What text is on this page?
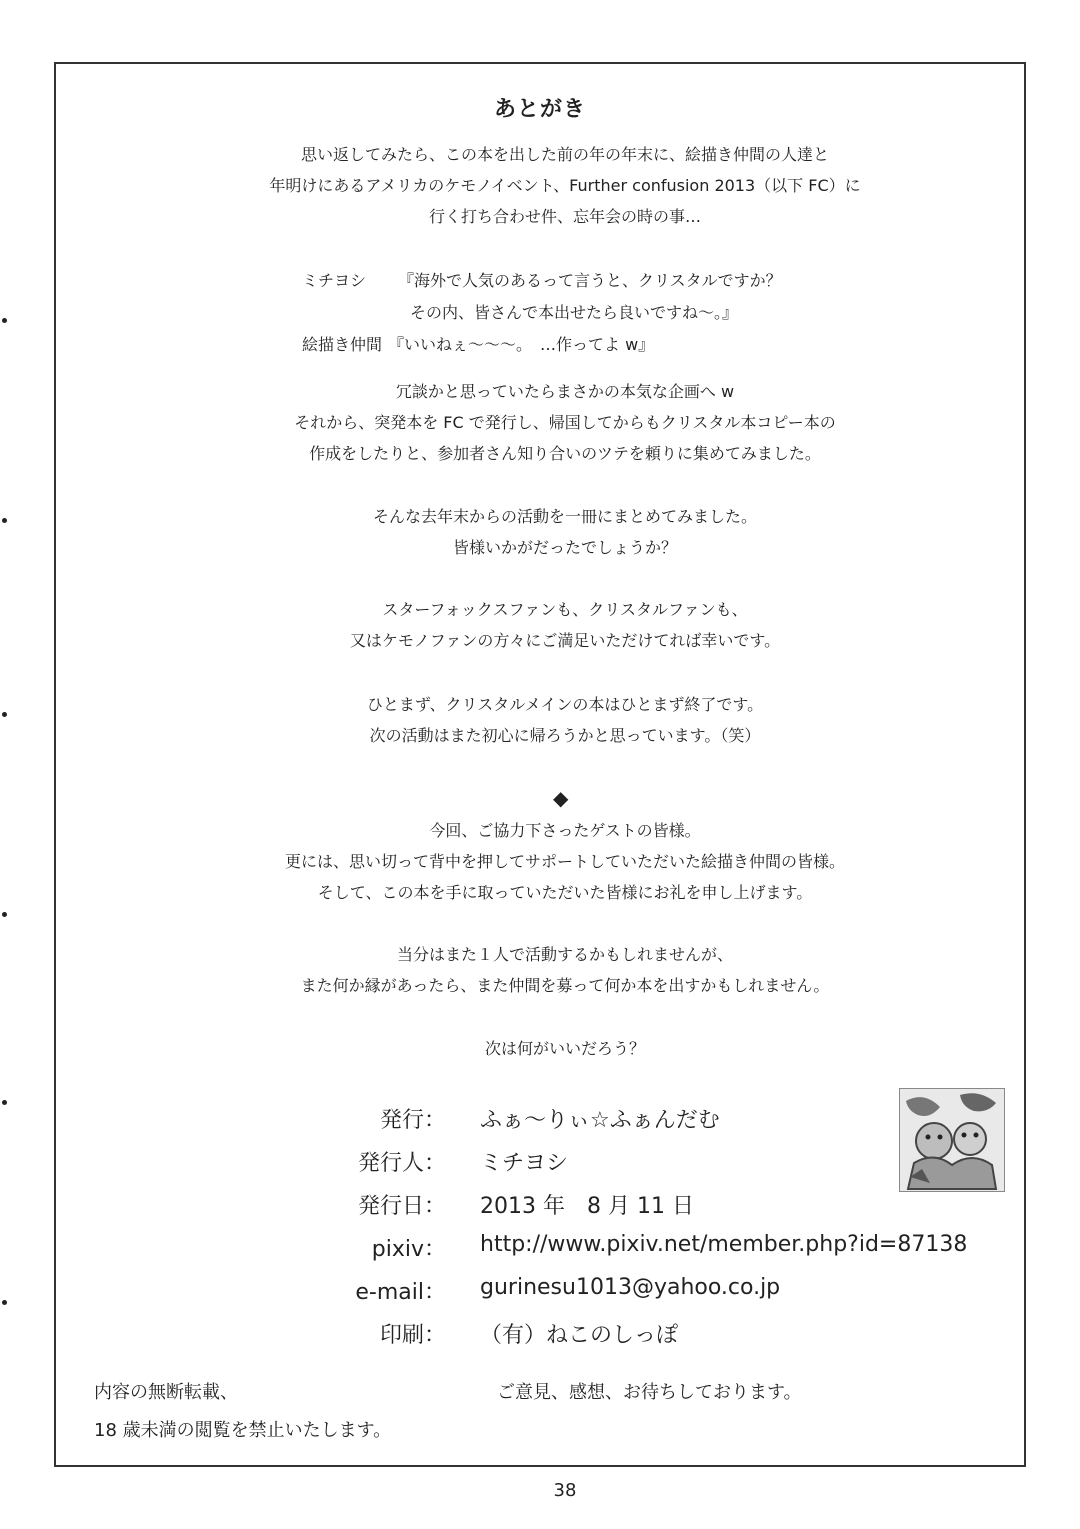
あとがき

思い返してみたら、この本を出した前の年の年末に、絵描き仲間の人達と
年明けにあるアメリカのケモノイベント、Further confusion 2013（以下 FC）に
行く打ち合わせ件、忘年会の時の事…

ミチヨシ 『海外で人気のあるって言うと、クリスタルですか？
その内、皆さんで本出せたら良いですね〜。』
絵描き仲間 『いいねぇ〜〜〜。　…作ってよ w』

冗談かと思っていたらまさかの本気な企画へ w
それから、突発本を FC で発行し、帰国してからもクリスタル本コピー本の
作成をしたりと、参加者さん知り合いのツテを頼りに集めてみました。

そんな去年末からの活動を一冊にまとめてみました。
皆様いかがだったでしょうか？

スターフォックスファンも、クリスタルファンも、
又はケモノファンの方々にご満足いただけてれば幸いです。

ひとまず、クリスタルメインの本はひとまず終了です。
次の活動はまた初心に帰ろうかと思っています。（笑）

◆

今回、ご協力下さったゲストの皆様。
更には、思い切って背中を押してサポートしていただいた絵描き仲間の皆様。
そして、この本を手に取っていただいた皆様にお礼を申し上げます。

当分はまた１人で活動するかもしれませんが、
また何か縁があったら、また仲間を募って何か本を出すかもしれません。

次は何がいいだろう？

発行： ふぁ〜りぃ☆ふぁんだむ
発行人： ミチヨシ
発行日： 2013 年　8 月 11 日
pixiv： http://www.pixiv.net/member.php?id=87138
e-mail： gurinesu1013@yahoo.co.jp
印刷： （有）ねこのしっぽ
内容の無断転載、
18 歳未満の閲覧を禁止いたします。
ご意見、感想、お待ちしております。
38
